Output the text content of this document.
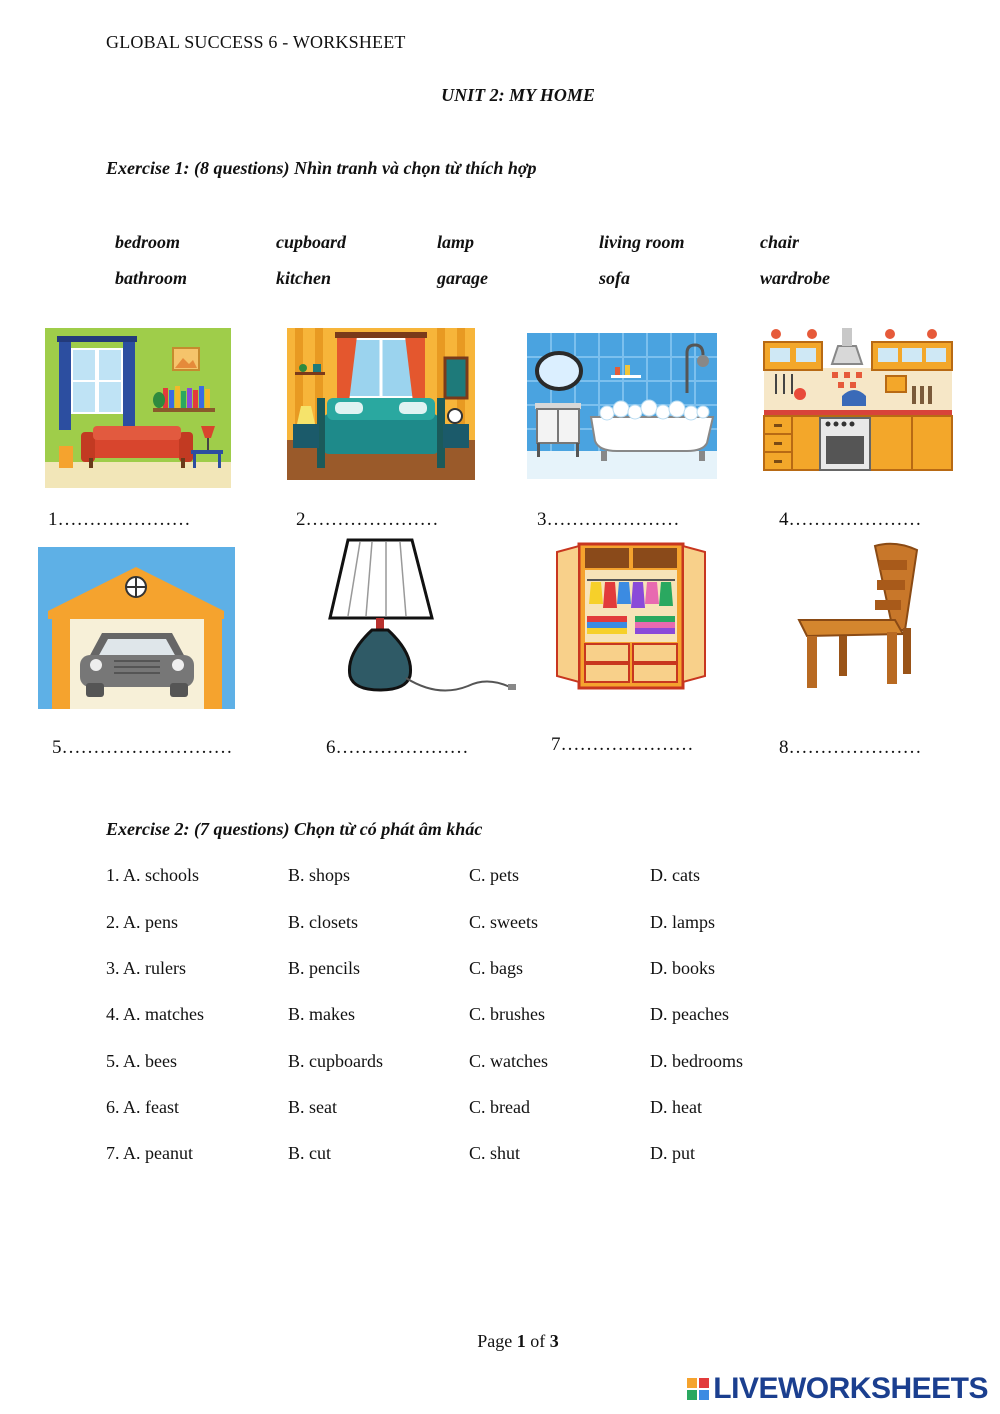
GLOBAL SUCCESS 6 - WORKSHEET
UNIT 2: MY HOME
Exercise 1: (8 questions) Nhìn tranh và chọn từ thích hợp
bedroom	cupboard	lamp	living room	chair
bathroom	kitchen	garage	sofa	wardrobe
1…………………	2…………………	3…………………	4…………………
5………………………	6…………………	7…………………	8…………………
Exercise 2: (7 questions) Chọn từ có phát âm khác
1. A. schools	B. shops	C. pets	D. cats
2. A. pens	B. closets	C. sweets	D. lamps
3. A. rulers	B. pencils	C. bags	D. books
4. A. matches	B. makes	C. brushes	D. peaches
5. A. bees	B. cupboards	C. watches	D. bedrooms
6. A. feast	B. seat	C. bread	D. heat
7. A. peanut	B. cut	C. shut	D. put
Page 1 of 3
LIVEWORKSHEETS
